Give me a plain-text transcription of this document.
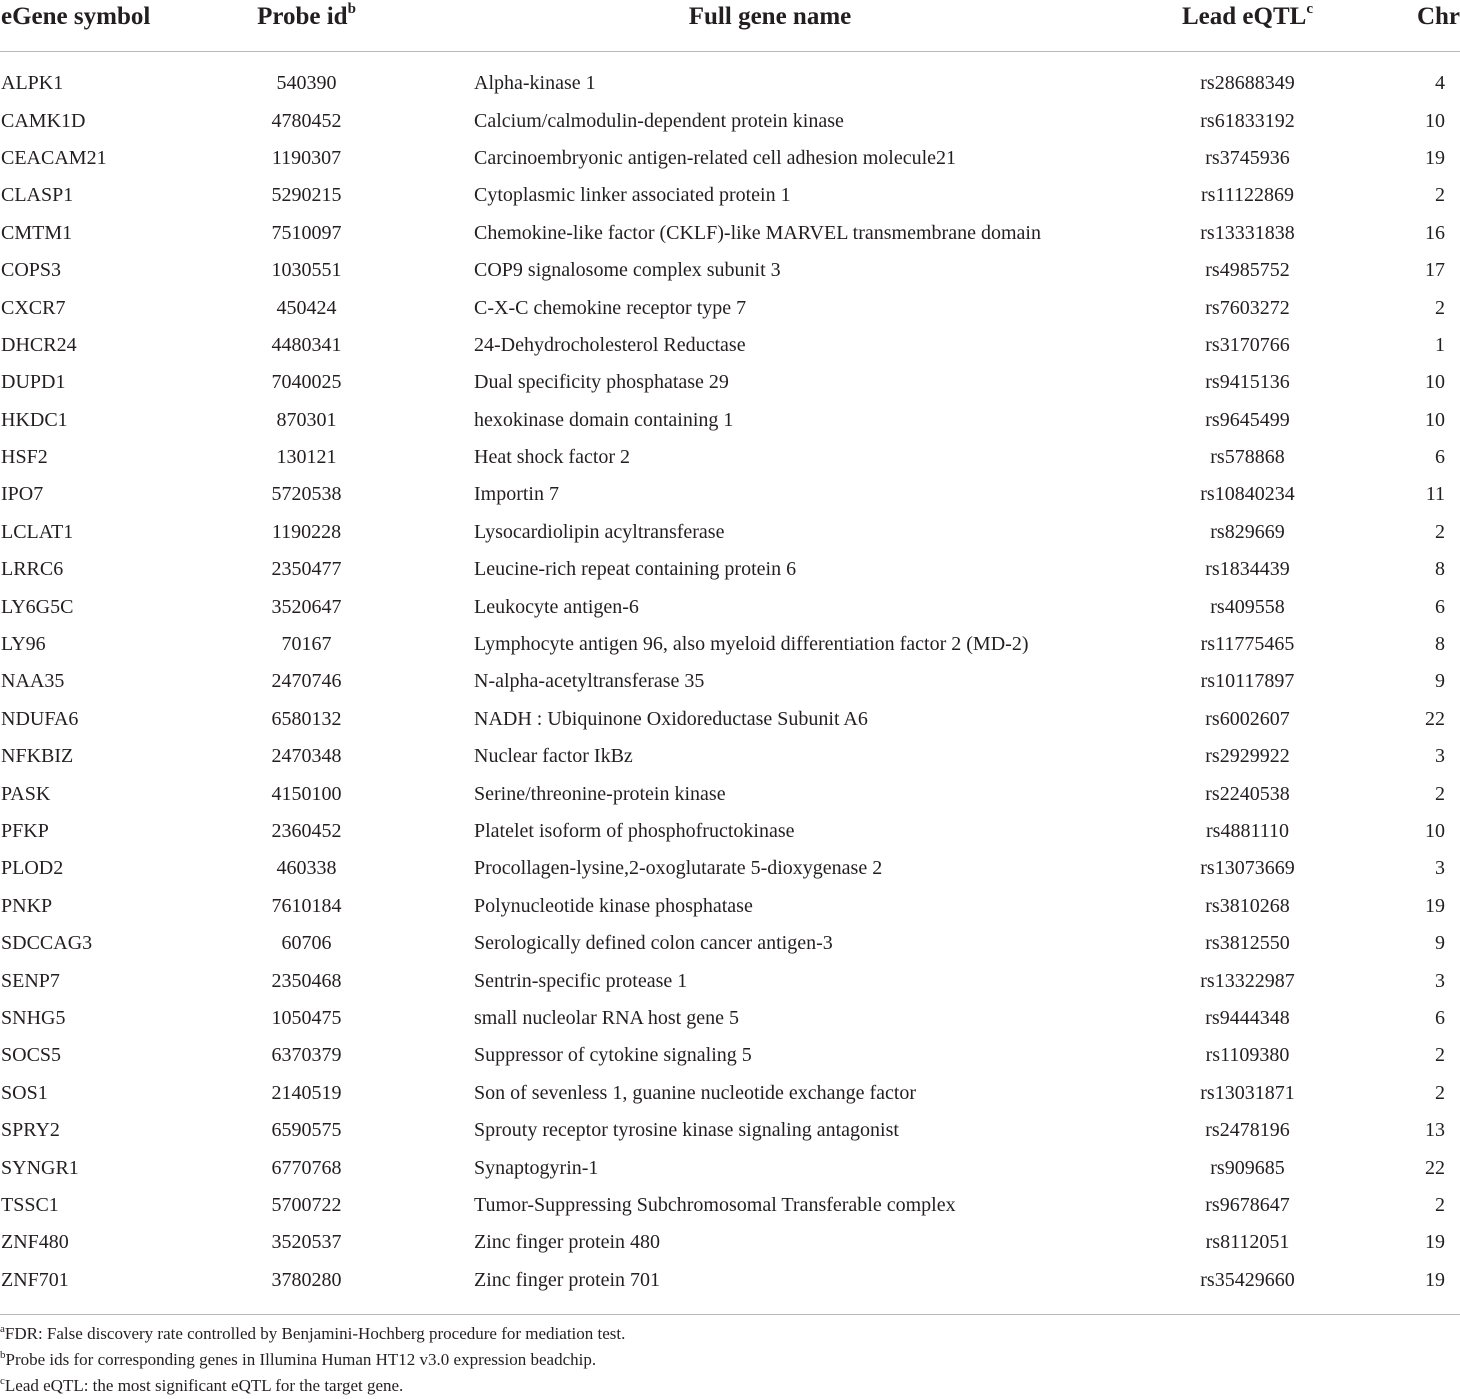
eGene symbol	Probe $id^b$	Full gene name	Lead eQTL$^c$	Chr
ALPK1	540390	Alpha-kinase 1	rs28688349	4
CAMK1D	4780452	Calcium/calmodulin-dependent protein kinase	rs61833192	10
CEACAM21	1190307	Carcinoembryonic antigen-related cell adhesion molecule21	rs3745936	19
CLASP1	5290215	Cytoplasmic linker associated protein 1	rs11122869	2
CMTM1	7510097	Chemokine-like factor (CKLF)-like MARVEL transmembrane domain	rs13331838	16
COPS3	1030551	COP9 signalosome complex subunit 3	rs4985752	17
CXCR7	450424	C-X-C chemokine receptor type 7	rs7603272	2
DHCR24	4480341	24-Dehydrocholesterol Reductase	rs3170766	1
DUPD1	7040025	Dual specificity phosphatase 29	rs9415136	10
HKDC1	870301	hexokinase domain containing 1	rs9645499	10
HSF2	130121	Heat shock factor 2	rs578868	6
IPO7	5720538	Importin 7	rs10840234	11
LCLAT1	1190228	Lysocardiolipin acyltransferase	rs829669	2
LRRC6	2350477	Leucine-rich repeat containing protein 6	rs1834439	8
LY6G5C	3520647	Leukocyte antigen-6	rs409558	6
LY96	70167	Lymphocyte antigen 96, also myeloid differentiation factor 2 (MD-2)	rs11775465	8
NAA35	2470746	N-alpha-acetyltransferase 35	rs10117897	9
NDUFA6	6580132	NADH : Ubiquinone Oxidoreductase Subunit A6	rs6002607	22
NFKBIZ	2470348	Nuclear factor IkBz	rs2929922	3
PASK	4150100	Serine/threonine-protein kinase	rs2240538	2
PFKP	2360452	Platelet isoform of phosphofructokinase	rs4881110	10
PLOD2	460338	Procollagen-lysine,2-oxoglutarate 5-dioxygenase 2	rs13073669	3
PNKP	7610184	Polynucleotide kinase phosphatase	rs3810268	19
SDCCAG3	60706	Serologically defined colon cancer antigen-3	rs3812550	9
SENP7	2350468	Sentrin-specific protease 1	rs13322987	3
SNHG5	1050475	small nucleolar RNA host gene 5	rs9444348	6
SOCS5	6370379	Suppressor of cytokine signaling 5	rs1109380	2
SOS1	2140519	Son of sevenless 1, guanine nucleotide exchange factor	rs13031871	2
SPRY2	6590575	Sprouty receptor tyrosine kinase signaling antagonist	rs2478196	13
SYNGR1	6770768	Synaptogyrin-1	rs909685	22
TSSC1	5700722	Tumor-Suppressing Subchromosomal Transferable complex	rs9678647	2
ZNF480	3520537	Zinc finger protein 480	rs8112051	19
ZNF701	3780280	Zinc finger protein 701	rs35429660	19
$^a$FDR: False discovery rate controlled by Benjamini-Hochberg procedure for mediation test.
$^b$Probe ids for corresponding genes in Illumina Human HT12 v3.0 expression beadchip.
$^c$Lead eQTL: the most significant eQTL for the target gene.
